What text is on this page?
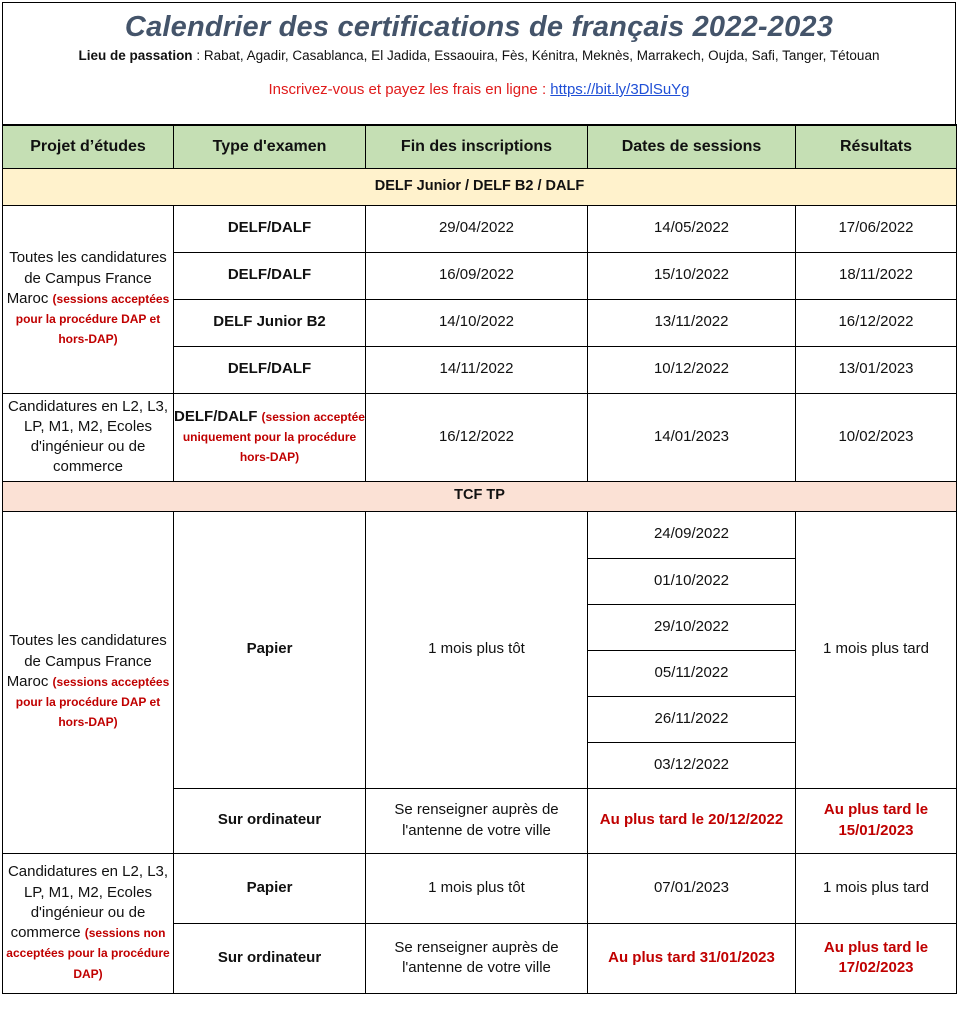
Calendrier des certifications de français 2022-2023
Lieu de passation : Rabat, Agadir, Casablanca, El Jadida, Essaouira, Fès, Kénitra, Meknès, Marrakech, Oujda, Safi, Tanger, Tétouan
Inscrivez-vous et payez les frais en ligne : https://bit.ly/3DlSuYg
Projet d’études	Type d'examen	Fin des inscriptions	Dates de sessions	Résultats
DELF Junior / DELF B2 / DALF				
Toutes les candidatures de Campus France Maroc (sessions acceptées pour la procédure DAP et hors-DAP)	DELF/DALF	29/04/2022	14/05/2022	17/06/2022
	DELF/DALF	16/09/2022	15/10/2022	18/11/2022
	DELF Junior B2	14/10/2022	13/11/2022	16/12/2022
	DELF/DALF	14/11/2022	10/12/2022	13/01/2023
Candidatures en L2, L3, LP, M1, M2, Ecoles d'ingénieur ou de commerce	DELF/DALF (session acceptée uniquement pour la procédure hors-DAP)	16/12/2022	14/01/2023	10/02/2023
TCF TP				
Toutes les candidatures de Campus France Maroc (sessions acceptées pour la procédure DAP et hors-DAP)	Papier	1 mois plus tôt	24/09/2022	1 mois plus tard
			01/10/2022	
			29/10/2022	
			05/11/2022	
			26/11/2022	
			03/12/2022	
	Sur ordinateur	Se renseigner auprès de l'antenne de votre ville	Au plus tard le 20/12/2022	Au plus tard le 15/01/2023
Candidatures en L2, L3, LP, M1, M2, Ecoles d'ingénieur ou de commerce (sessions non acceptées pour la procédure DAP)	Papier	1 mois plus tôt	07/01/2023	1 mois plus tard
	Sur ordinateur	Se renseigner auprès de l'antenne de votre ville	Au plus tard 31/01/2023	Au plus tard le 17/02/2023
